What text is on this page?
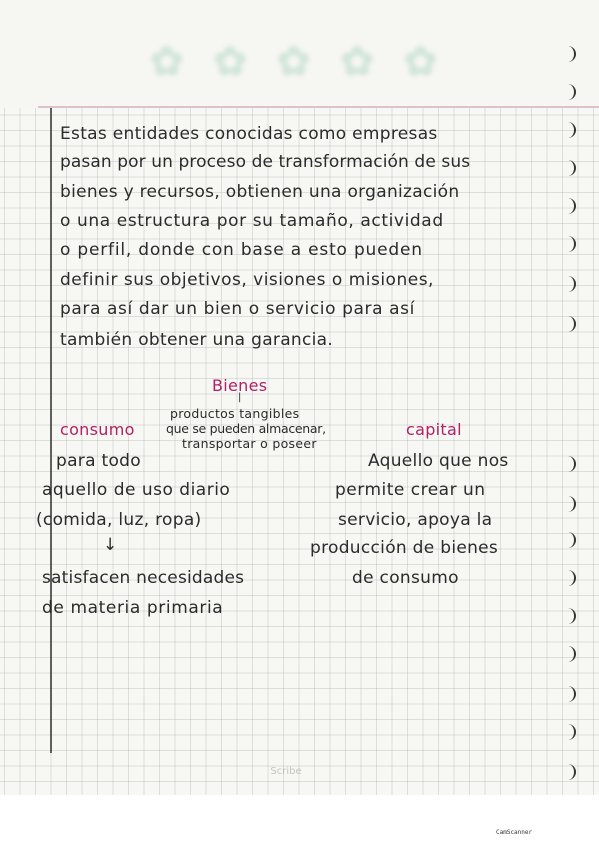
✿ ✿ ✿ ✿ ✿
Estas entidades conocidas como empresas
pasan por un proceso de transformación de sus
bienes y recursos, obtienen una organización
o una estructura por su tamaño, actividad
o perfil, donde con base a esto pueden
definir sus objetivos, visiones o misiones,
para así dar un bien o servicio para así
también obtener una garancia.
Bienes
|
productos tangibles
que se pueden almacenar,
transportar o poseer
consumo
para todo
aquello de uso diario
(comida, luz, ropa)
↓
satisfacen necesidades
de materia primaria
capital
Aquello que nos
permite crear un
servicio, apoya la
producción de bienes
de consumo
Scribe
CamScanner
